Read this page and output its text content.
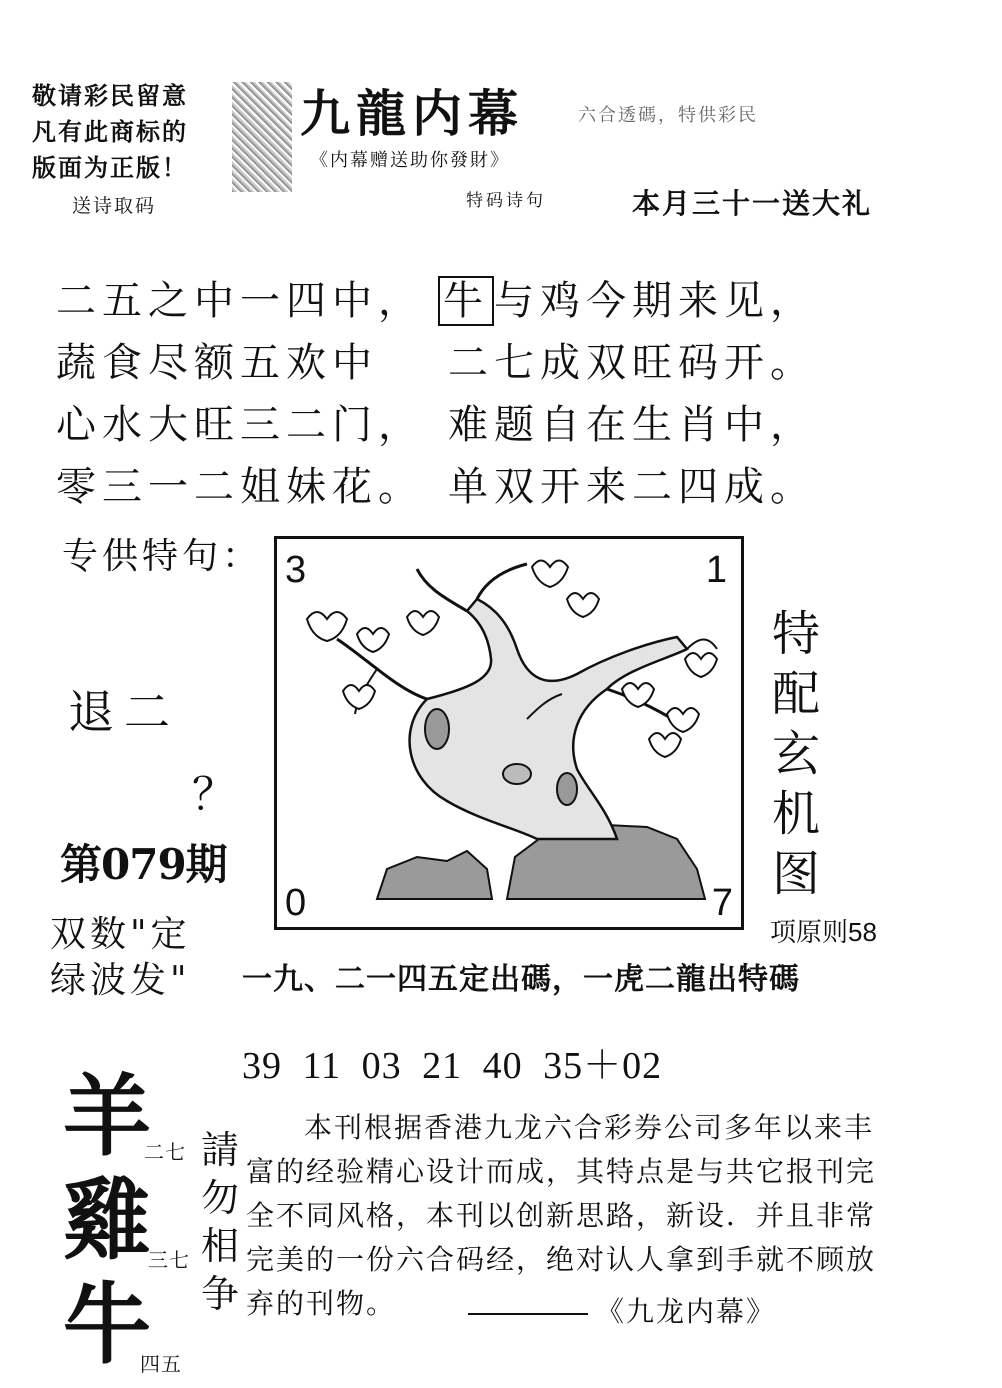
敬请彩民留意
凡有此商标的
版面为正版！
送诗取码
九龍内幕	六合透碼，特供彩民
《内幕赠送助你發財》
特码诗句	本月三十一送大礼
二五之中一四中， 牛 与鸡今期来见，
蔬食尽额五欢中	二七成双旺码开。
心水大旺三二门， 难题自在生肖中，
零三一二姐妹花。 单双开来二四成。
专供特句：
退二
？
第079期
双数"定
绿波发"
3	1
0	7
特
配
玄
机
图
项原则58
一九、二一四五定出碼，一虎二龍出特碼
39 11 03 21 40 35＋02
羊
雞
牛
二七
三七
四五
請
勿
相
争
本刊根据香港九龙六合彩券公司多年以来丰富的经验精心设计而成，其特点是与共它报刊完全不同风格，本刊以创新思路，新设．并且非常完美的一份六合码经，绝对认人拿到手就不顾放弃的刊物。	《九龙内幕》
